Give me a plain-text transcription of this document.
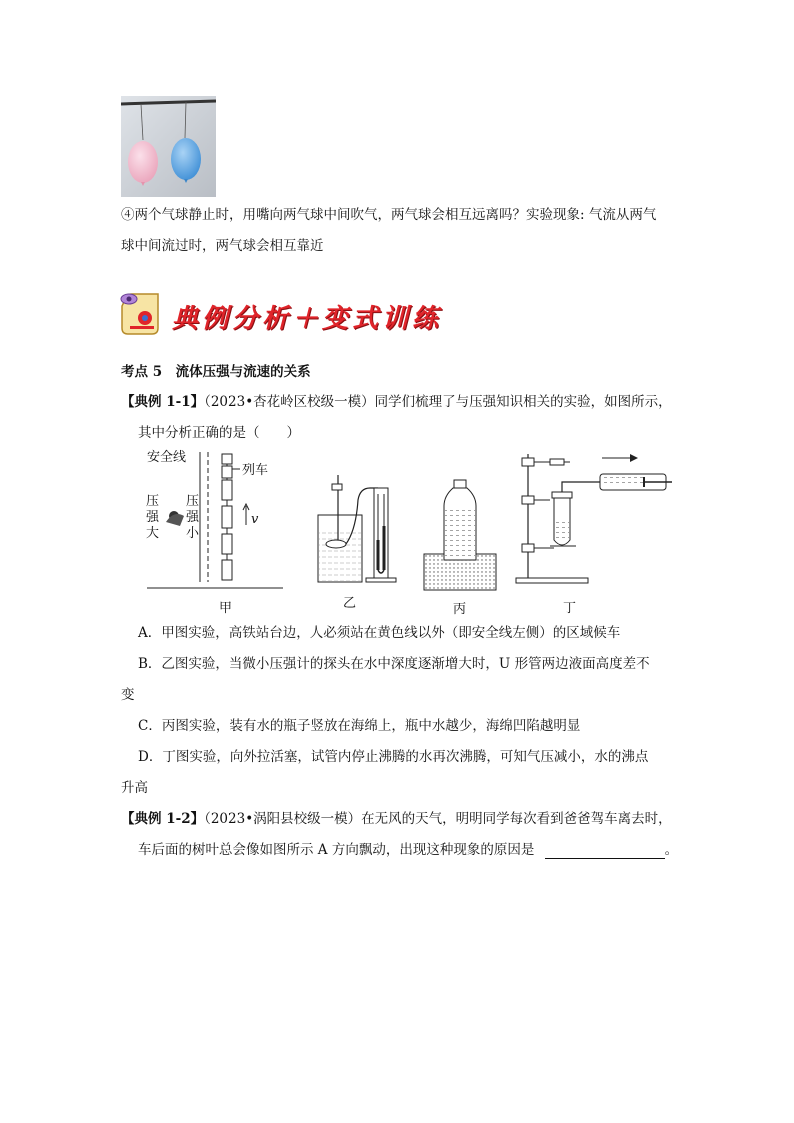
④两个气球静止时，用嘴向两气球中间吹气，两气球会相互远离吗？实验现象: 气流从两气
球中间流过时，两气球会相互靠近
典例分析＋变式训练
考点 5　流体压强与流速的关系
【典例 1-1】（2023•杏花岭区校级一模）同学们梳理了与压强知识相关的实验，如图所示，
其中分析正确的是（　　）
安全线
列车
压
强
大
压
强
小
v
甲	乙	丙	丁
A．甲图实验，高铁站台边，人必须站在黄色线以外（即安全线左侧）的区域候车
B．乙图实验，当微小压强计的探头在水中深度逐渐增大时，U 形管两边液面高度差不
变
C．丙图实验，装有水的瓶子竖放在海绵上，瓶中水越少，海绵凹陷越明显
D．丁图实验，向外拉活塞，试管内停止沸腾的水再次沸腾，可知气压减小，水的沸点
升高
【典例 1-2】（2023•涡阳县校级一模）在无风的天气，明明同学每次看到爸爸驾车离去时，
车后面的树叶总会像如图所示 A 方向飘动，出现这种现象的原因是	。
